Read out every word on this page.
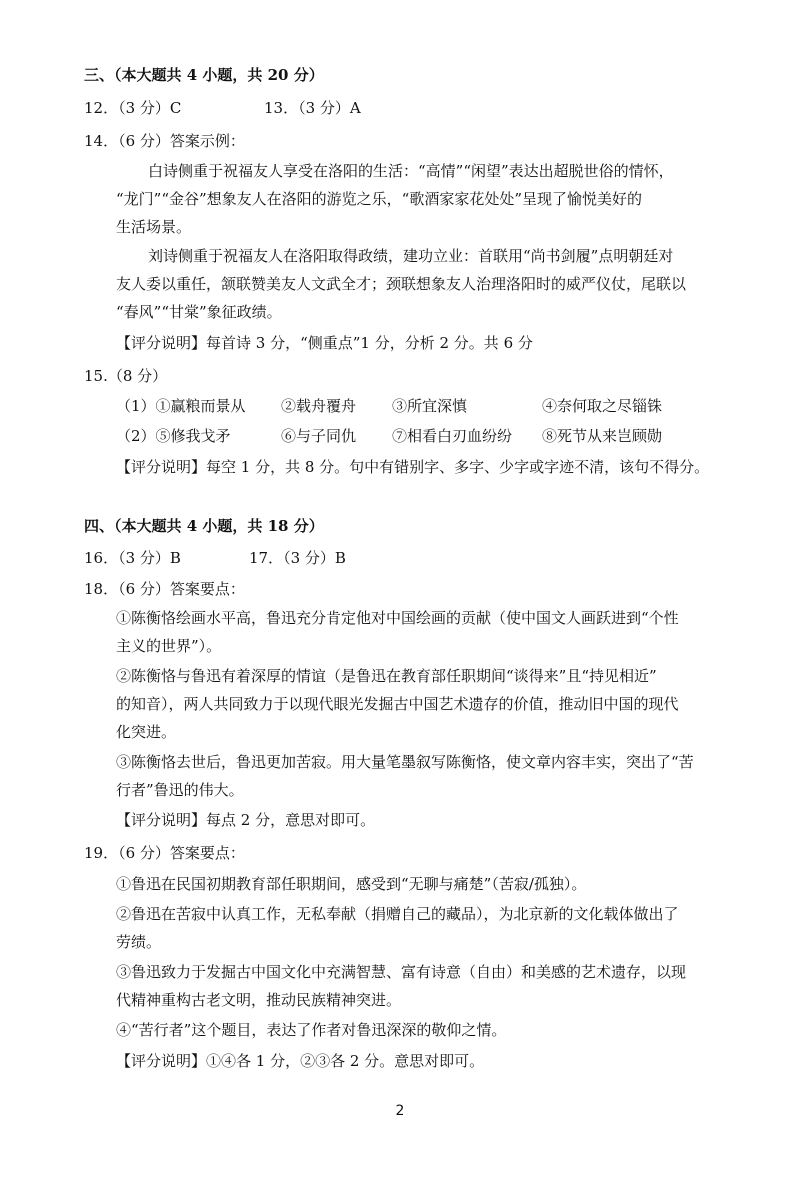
三、（本大题共 4 小题，共 20 分）
12．（3 分）C	13．（3 分）A
14．（6 分）答案示例：
白诗侧重于祝福友人享受在洛阳的生活：“高情”“闲望”表达出超脱世俗的情怀，
“龙门”“金谷”想象友人在洛阳的游览之乐，“歌酒家家花处处”呈现了愉悦美好的
生活场景。
刘诗侧重于祝福友人在洛阳取得政绩，建功立业：首联用“尚书剑履”点明朝廷对
友人委以重任，颔联赞美友人文武全才；颈联想象友人治理洛阳时的威严仪仗，尾联以
“春风”“甘棠”象征政绩。
【评分说明】每首诗 3 分，“侧重点”1 分，分析 2 分。共 6 分
15.（8 分）
（1）①赢粮而景从 ②载舟覆舟 ③所宜深慎	④奈何取之尽锱铢
（2）⑤修我戈矛	⑥与子同仇 ⑦相看白刃血纷纷 ⑧死节从来岂顾勋
【评分说明】每空 1 分，共 8 分。句中有错别字、多字、少字或字迹不清，该句不得分。
四、（本大题共 4 小题，共 18 分）
16．（3 分）B	17．（3 分）B
18．（6 分）答案要点：
①陈衡恪绘画水平高，鲁迅充分肯定他对中国绘画的贡献（使中国文人画跃进到“个性
主义的世界”）。
②陈衡恪与鲁迅有着深厚的情谊（是鲁迅在教育部任职期间“谈得来”且“持见相近”
的知音），两人共同致力于以现代眼光发掘古中国艺术遗存的价值，推动旧中国的现代
化突进。
③陈衡恪去世后，鲁迅更加苦寂。用大量笔墨叙写陈衡恪，使文章内容丰实，突出了“苦
行者”鲁迅的伟大。
【评分说明】每点 2 分，意思对即可。
19．（6 分）答案要点：
①鲁迅在民国初期教育部任职期间，感受到“无聊与痛楚”（苦寂/孤独）。
②鲁迅在苦寂中认真工作，无私奉献（捐赠自己的藏品），为北京新的文化载体做出了
劳绩。
③鲁迅致力于发掘古中国文化中充满智慧、富有诗意（自由）和美感的艺术遗存，以现
代精神重构古老文明，推动民族精神突进。
④“苦行者”这个题目，表达了作者对鲁迅深深的敬仰之情。
【评分说明】①④各 1 分，②③各 2 分。意思对即可。
2
